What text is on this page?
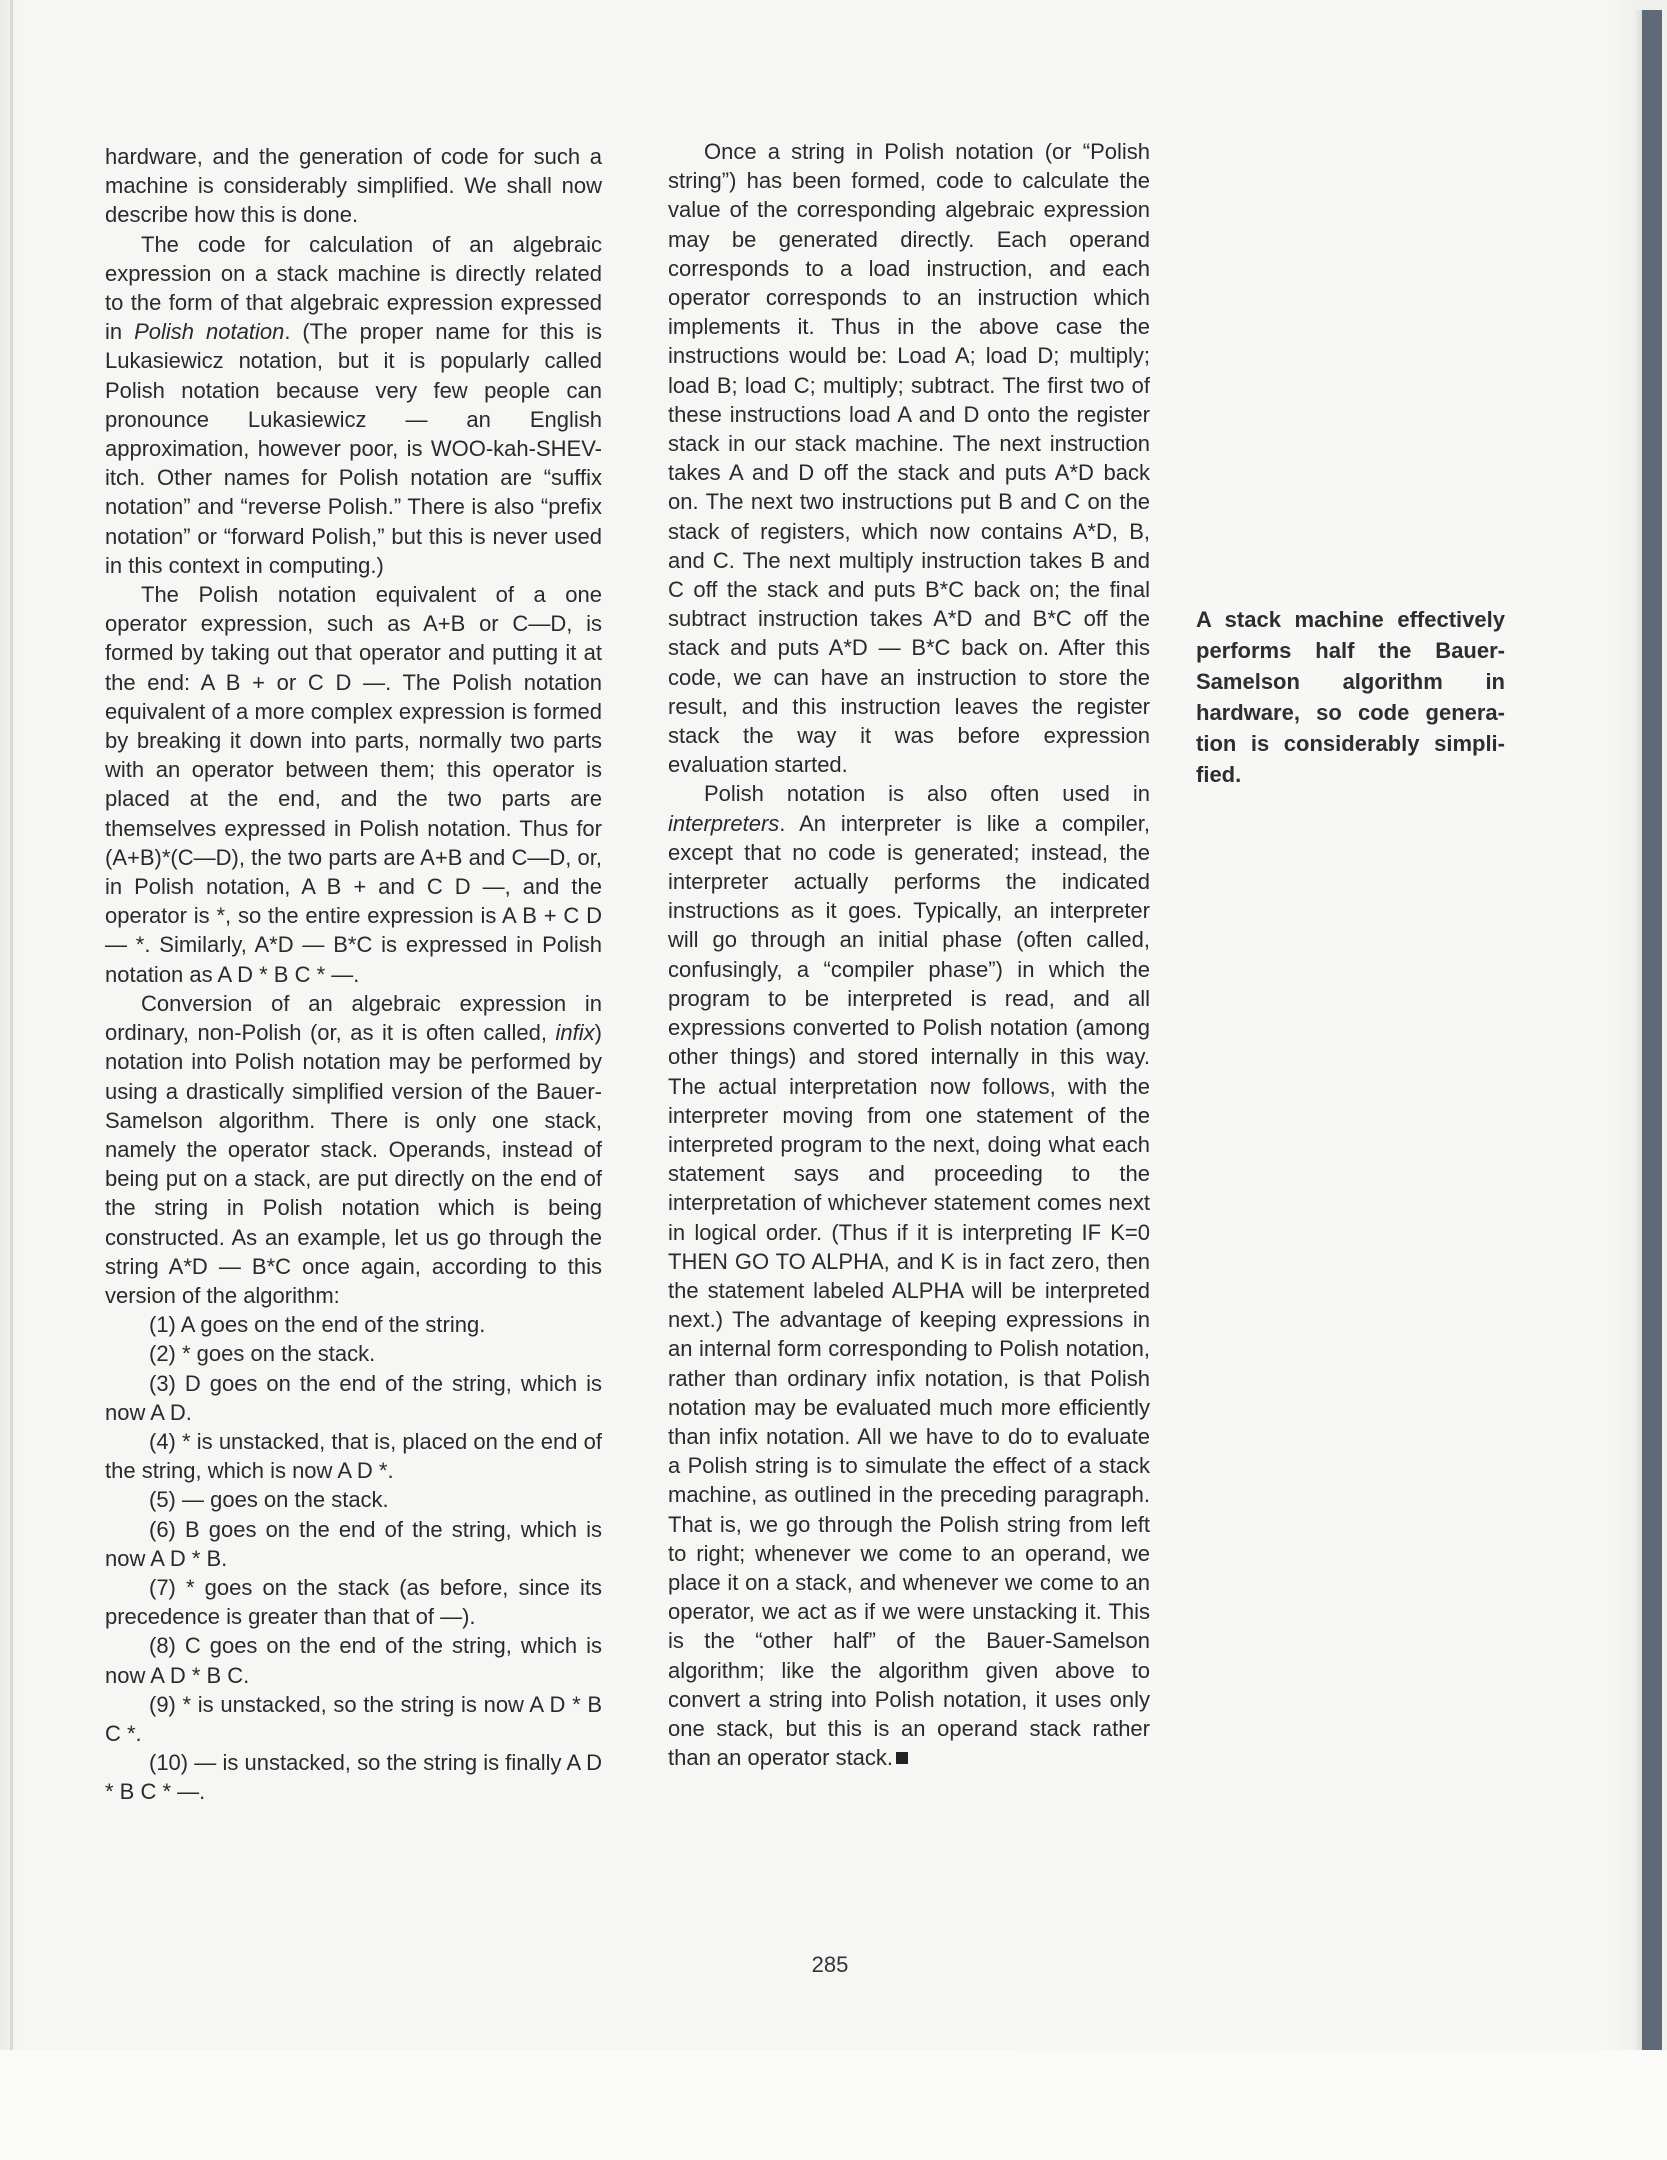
hardware, and the generation of code for such a machine is considerably simplified. We shall now describe how this is done.

The code for calculation of an algebraic expression on a stack machine is directly related to the form of that algebraic expression expressed in Polish notation. (The proper name for this is Lukasiewicz notation, but it is popularly called Polish notation because very few people can pronounce Lukasiewicz — an English approximation, however poor, is WOO-kah-SHEV-itch. Other names for Polish notation are “suffix notation” and “reverse Polish.” There is also “prefix notation” or “forward Polish,” but this is never used in this context in computing.)

The Polish notation equivalent of a one operator expression, such as A+B or C—D, is formed by taking out that operator and putting it at the end: A B + or C D —. The Polish notation equivalent of a more complex expression is formed by breaking it down into parts, normally two parts with an operator between them; this operator is placed at the end, and the two parts are themselves expressed in Polish notation. Thus for (A+B)*(C—D), the two parts are A+B and C—D, or, in Polish notation, A B + and C D —, and the operator is *, so the entire expression is A B + C D — *. Similarly, A*D — B*C is expressed in Polish notation as A D * B C * —.

Conversion of an algebraic expression in ordinary, non-Polish (or, as it is often called, infix) notation into Polish notation may be performed by using a drastically simplified version of the Bauer-Samelson algorithm. There is only one stack, namely the operator stack. Operands, instead of being put on a stack, are put directly on the end of the string in Polish notation which is being constructed. As an example, let us go through the string A*D — B*C once again, according to this version of the algorithm:

(1) A goes on the end of the string.

(2) * goes on the stack.

(3) D goes on the end of the string, which is now A D.

(4) * is unstacked, that is, placed on the end of the string, which is now A D *.

(5) — goes on the stack.

(6) B goes on the end of the string, which is now A D * B.

(7) * goes on the stack (as before, since its precedence is greater than that of —).

(8) C goes on the end of the string, which is now A D * B C.

(9) * is unstacked, so the string is now A D * B C *.

(10) — is unstacked, so the string is finally A D * B C * —.

Once a string in Polish notation (or “Polish string”) has been formed, code to calculate the value of the corresponding algebraic expression may be generated directly. Each operand corresponds to a load instruction, and each operator corresponds to an instruction which implements it. Thus in the above case the instructions would be: Load A; load D; multiply; load B; load C; multiply; subtract. The first two of these instructions load A and D onto the register stack in our stack machine. The next instruction takes A and D off the stack and puts A*D back on. The next two instructions put B and C on the stack of registers, which now contains A*D, B, and C. The next multiply instruction takes B and C off the stack and puts B*C back on; the final subtract instruction takes A*D and B*C off the stack and puts A*D — B*C back on. After this code, we can have an instruction to store the result, and this instruction leaves the register stack the way it was before expression evaluation started.

Polish notation is also often used in interpreters. An interpreter is like a compiler, except that no code is generated; instead, the interpreter actually performs the indicated instructions as it goes. Typically, an interpreter will go through an initial phase (often called, confusingly, a “compiler phase”) in which the program to be interpreted is read, and all expressions converted to Polish notation (among other things) and stored internally in this way. The actual interpretation now follows, with the interpreter moving from one statement of the interpreted program to the next, doing what each statement says and proceeding to the interpretation of whichever statement comes next in logical order. (Thus if it is interpreting IF K=0 THEN GO TO ALPHA, and K is in fact zero, then the statement labeled ALPHA will be interpreted next.) The advantage of keeping expressions in an internal form corresponding to Polish notation, rather than ordinary infix notation, is that Polish notation may be evaluated much more efficiently than infix notation. All we have to do to evaluate a Polish string is to simulate the effect of a stack machine, as outlined in the preceding paragraph. That is, we go through the Polish string from left to right; whenever we come to an operand, we place it on a stack, and whenever we come to an operator, we act as if we were unstacking it. This is the “other half” of the Bauer-Samelson algorithm; like the algorithm given above to convert a string into Polish notation, it uses only one stack, but this is an operand stack rather than an operator stack.

A stack machine effectively performs half the Bauer-Samelson algorithm in hardware, so code generation is considerably simplified.
285
